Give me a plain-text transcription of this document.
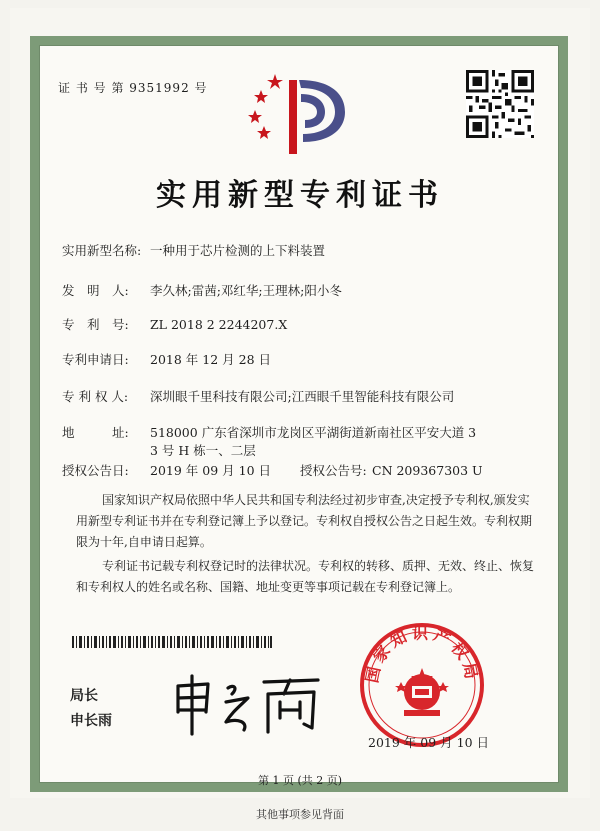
证 书 号 第 9351992 号
实用新型专利证书
实用新型名称: 一种用于芯片检测的上下料装置
发　明　人: 李久林;雷茜;邓红华;王理林;阳小冬
专　利　号: ZL 2018 2 2244207.X
专利申请日: 2018 年 12 月 28 日
专 利 权 人: 深圳眼千里科技有限公司;江西眼千里智能科技有限公司
地　　　址: 518000 广东省深圳市龙岗区平湖街道新南社区平安大道 3
3 号 H 栋一、二层
授权公告日: 2019 年 09 月 10 日 授权公告号: CN 209367303 U
国家知识产权局依照中华人民共和国专利法经过初步审查,决定授予专利权,颁发实用新型专利证书并在专利登记簿上予以登记。专利权自授权公告之日起生效。专利权期限为十年,自申请日起算。
专利证书记载专利权登记时的法律状况。专利权的转移、质押、无效、终止、恢复和专利权人的姓名或名称、国籍、地址变更等事项记载在专利登记簿上。
局长
申长雨
国家知识产权局
2019 年 09 月 10 日
第 1 页 (共 2 页)
其他事项参见背面
